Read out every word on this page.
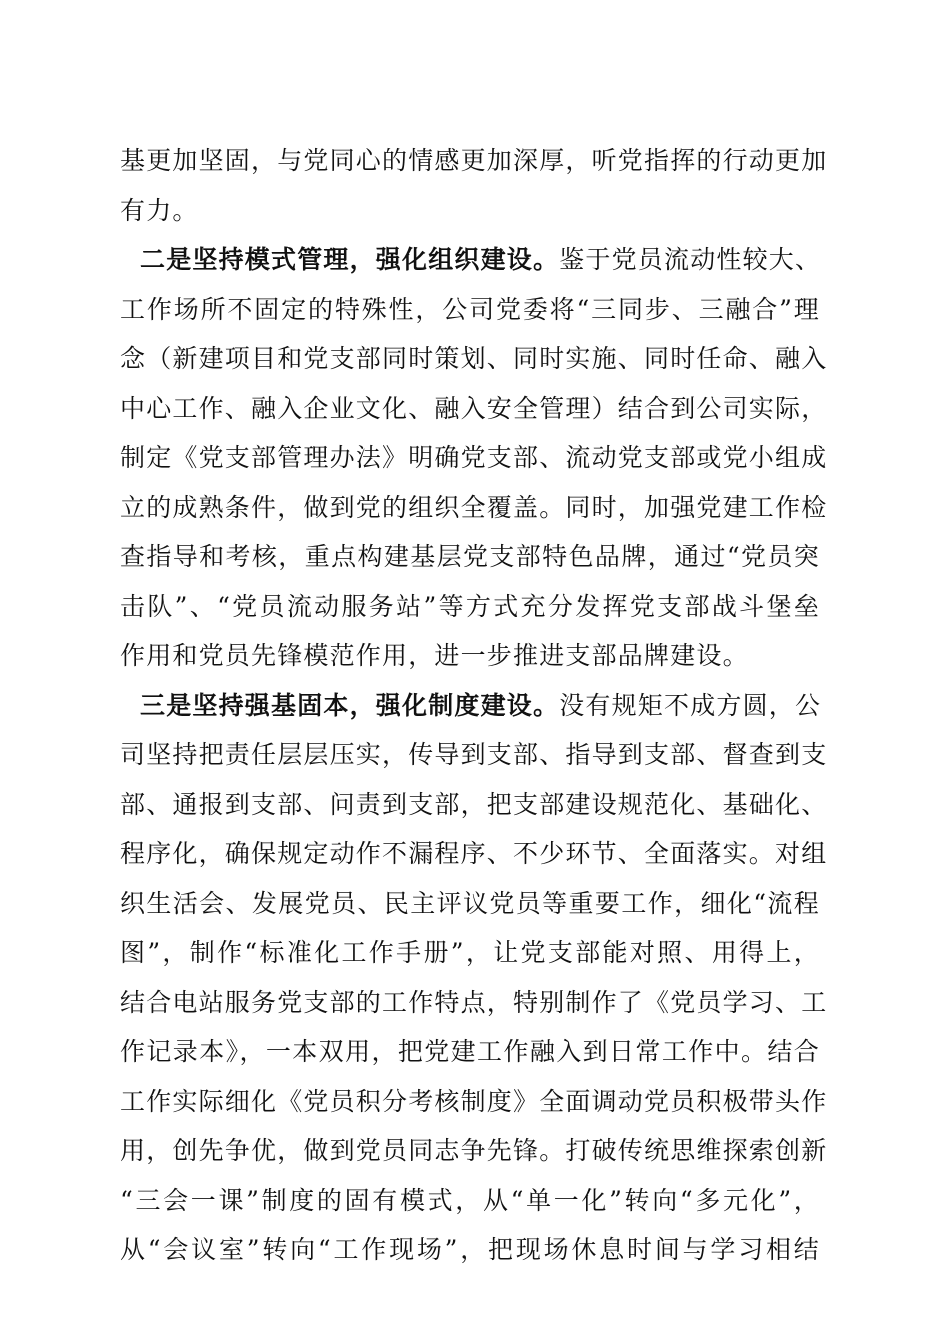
基更加坚固，与党同心的情感更加深厚，听党指挥的行动更加
有力。
二是坚持模式管理，强化组织建设。鉴于党员流动性较大、
工作场所不固定的特殊性，公司党委将“三同步、三融合”理
念（新建项目和党支部同时策划、同时实施、同时任命、融入
中心工作、融入企业文化、融入安全管理）结合到公司实际，
制定《党支部管理办法》明确党支部、流动党支部或党小组成
立的成熟条件，做到党的组织全覆盖。同时，加强党建工作检
查指导和考核，重点构建基层党支部特色品牌，通过“党员突
击队”、“党员流动服务站”等方式充分发挥党支部战斗堡垒
作用和党员先锋模范作用，进一步推进支部品牌建设。
三是坚持强基固本，强化制度建设。没有规矩不成方圆，公
司坚持把责任层层压实，传导到支部、指导到支部、督查到支
部、通报到支部、问责到支部，把支部建设规范化、基础化、
程序化，确保规定动作不漏程序、不少环节、全面落实。对组
织生活会、发展党员、民主评议党员等重要工作，细化“流程
图”，制作“标准化工作手册”，让党支部能对照、用得上，
结合电站服务党支部的工作特点，特别制作了《党员学习、工
作记录本》，一本双用，把党建工作融入到日常工作中。结合
工作实际细化《党员积分考核制度》全面调动党员积极带头作
用，创先争优，做到党员同志争先锋。打破传统思维探索创新
“三会一课”制度的固有模式，从“单一化”转向“多元化”，
从“会议室”转向“工作现场”，把现场休息时间与学习相结
